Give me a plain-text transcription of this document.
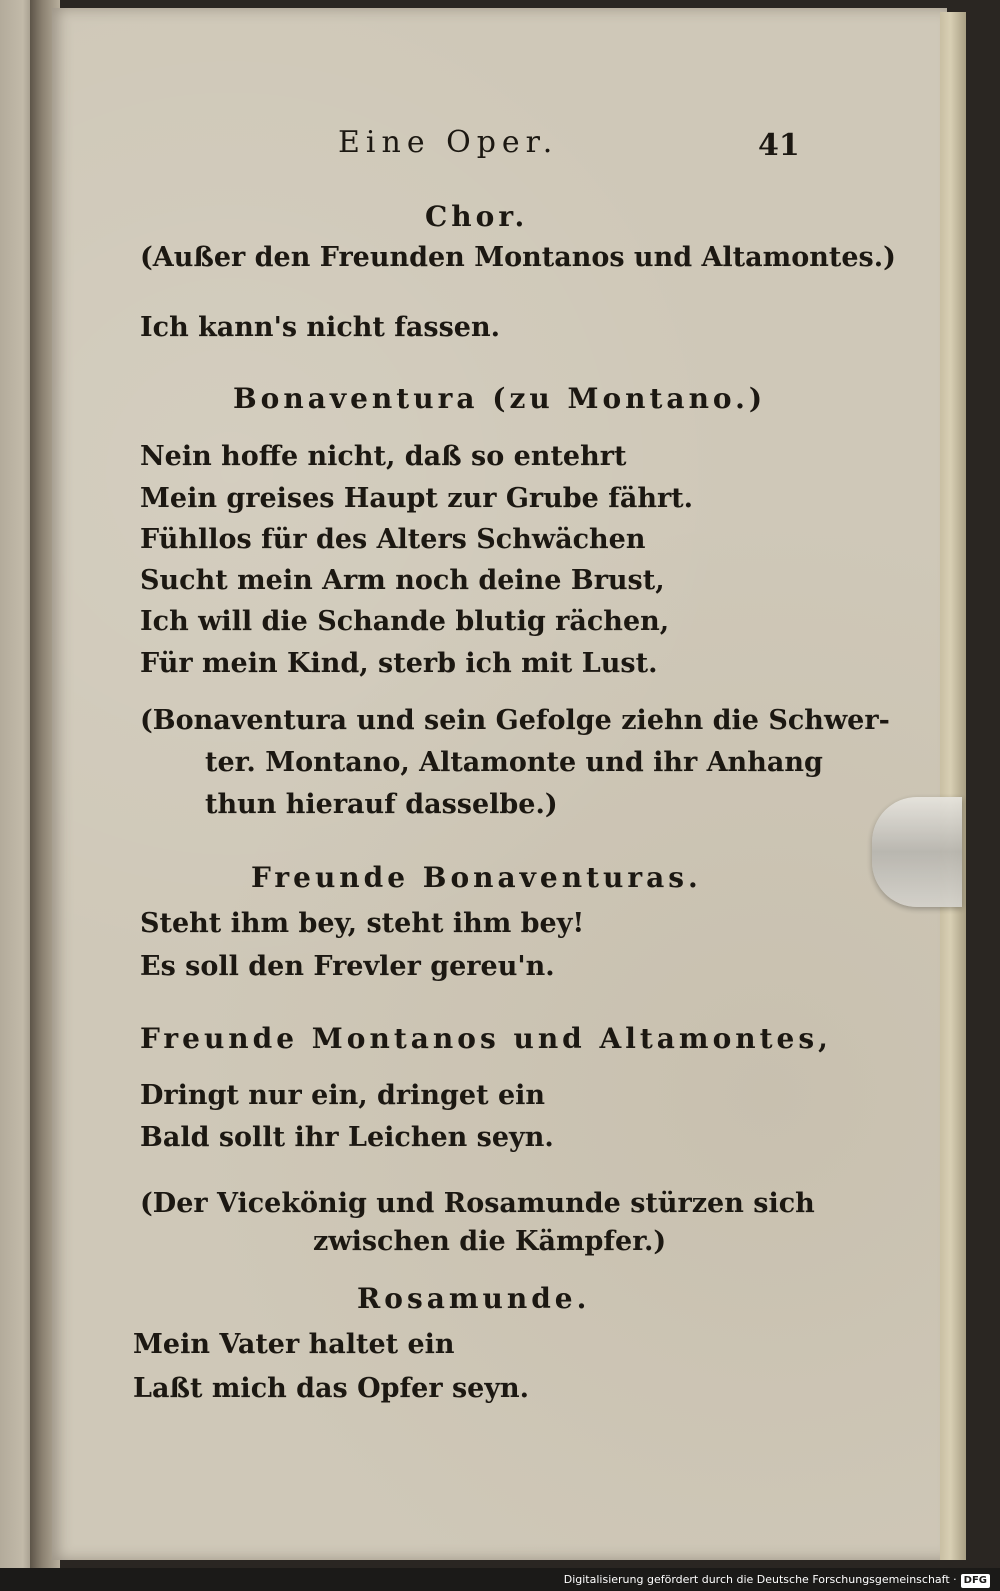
Eine Oper.	41
Chor.
(Außer den Freunden Montanos und Altamontes.)
Ich kann's nicht fassen.
Bonaventura (zu Montano.)
Nein hoffe nicht, daß so entehrt
Mein greises Haupt zur Grube fährt.
Fühllos für des Alters Schwächen
Sucht mein Arm noch deine Brust,
Ich will die Schande blutig rächen,
Für mein Kind, sterb ich mit Lust.
(Bonaventura und sein Gefolge ziehn die Schwer-
ter. Montano, Altamonte und ihr Anhang
thun hierauf dasselbe.)
Freunde Bonaventuras.
Steht ihm bey, steht ihm bey!
Es soll den Frevler gereu'n.
Freunde Montanos und Altamontes,
Dringt nur ein, dringet ein
Bald sollt ihr Leichen seyn.
(Der Vicekönig und Rosamunde stürzen sich
zwischen die Kämpfer.)
Rosamunde.
Mein Vater haltet ein
Laßt mich das Opfer seyn.
Digitalisierung gefördert durch die Deutsche Forschungsgemeinschaft · DFG
